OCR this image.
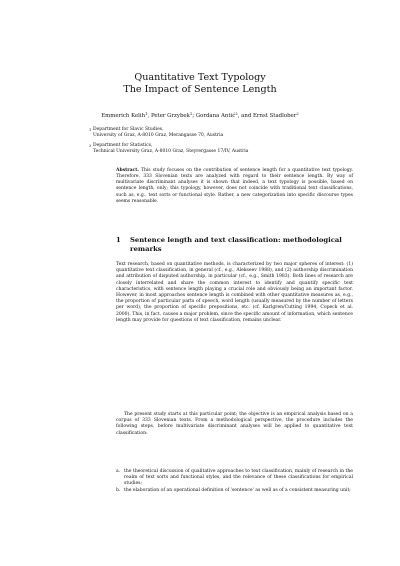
Quantitative Text Typology
The Impact of Sentence Length
Emmerich Kelih$^1$, Peter Grzybek$^1$; Gordana Antić$^2$, and Ernst Stadlober$^2$
1 Department for Slavic Studies,
University of Graz, A-8010 Graz, Merangasse 70, Austria
2 Department for Statistics,
Technical University Graz, A-8010 Graz, Steyrergasse 17/IV, Austria
Abstract. This study focuses on the contribution of sentence length for a quantitative text typology. Therefore, 333 Slovenian texts are analyzed with regard to their sentence length. By way of multivariate discriminant analyses it is shown that indeed, a text typology is possible, based on sentence length, only; this typology, however, does not coincide with traditional text classifications, such as, e.g., text sorts or functional style. Rather, a new categorization into specific discourse types seems reasonable.
1 Sentence length and text classification: methodological remarks
Text research, based on quantitative methods, is characterized by two major spheres of interest: (1) quantitative text classification, in general (cf., e.g., Alekseev 1988), and (2) authorship discrimination and attribution of disputed authorship, in particular (cf., e.g., Smith 1983). Both lines of research are closely interrelated and share the common interest to identify and quantify specific text characteristics, with sentence length playing a crucial role and obviously being an important factor. However, in most approaches sentence length is combined with other quantitative measures as, e.g., the proportion of particular parts of speech, word length (usually measured by the number of letters per word), the proportion of specific prepositions, etc. (cf. Karlgren/Cutting 1994, Copeck et al. 2000). This, in fact, causes a major problem, since the specific amount of information, which sentence length may provide for questions of text classification, remains unclear.
The present study starts at this particular point; the objective is an empirical analysis based on a corpus of 333 Slovenian texts. From a methodological perspective, the procedure includes the following steps, before multivariate discriminant analyses will be applied to quantitative text classification:
a. the theoretical discussion of qualitative approaches to text classification, mainly of research in the realm of text sorts and functional styles, and the relevance of these classifications for empirical studies;
b. the elaboration of an operational definition of 'sentence' as well as of a consistent measuring unit;
